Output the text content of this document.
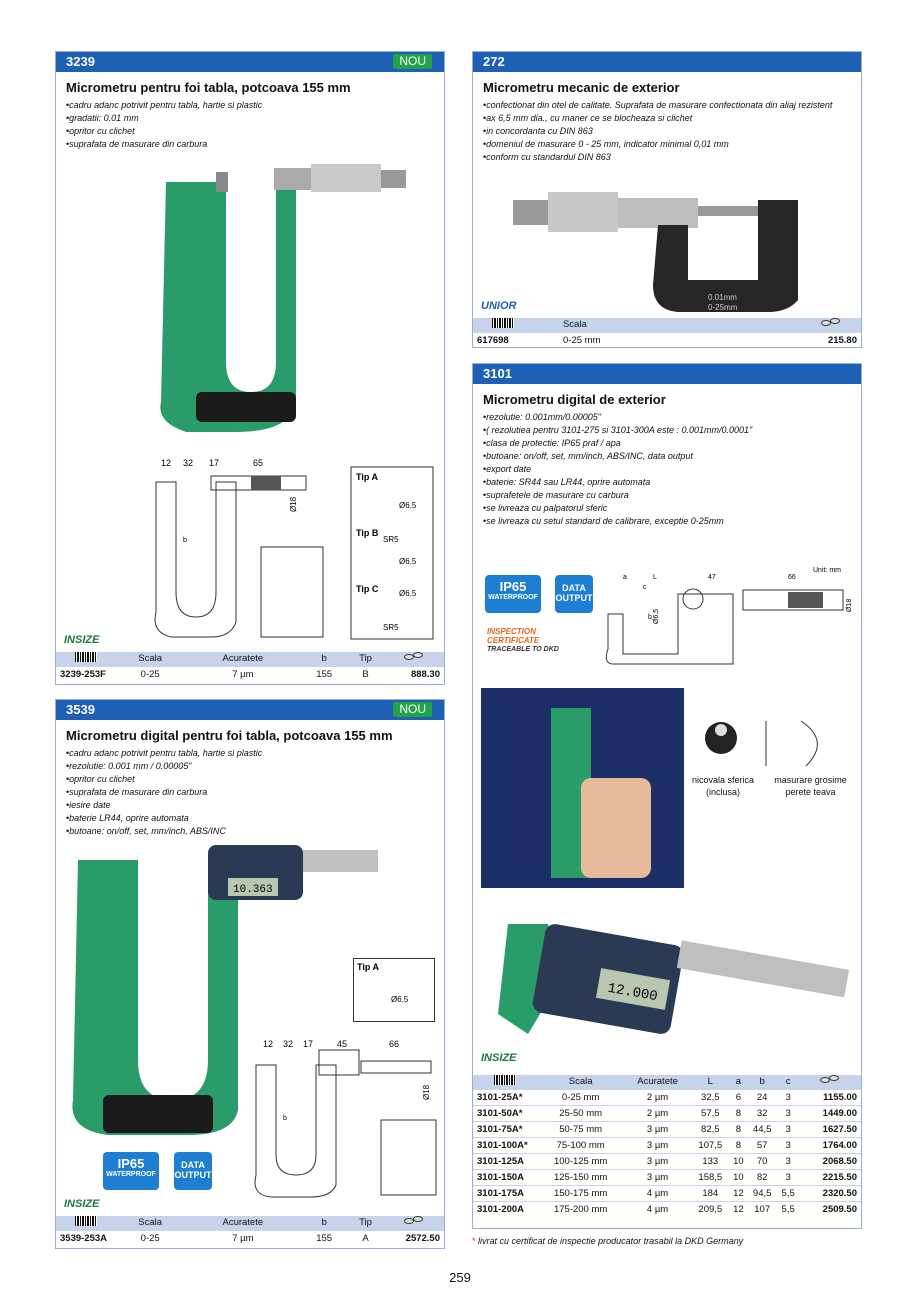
3239	NOU
Micrometru pentru foi tabla, potcoava 155 mm
• cadru adanc potrivit pentru tabla, hartie si plastic
• gradatii: 0.01 mm
• opritor cu clichet
• suprafata de masurare din carbura
12 32 17	65
Ø18
b
Tip A
Tip B
Tip C
Ø6.5
Ø6.5
Ø6.5
SR5
SR5
INSIZE
	Scala	Acuratete	b	Tip	

3239-253F	0-25	7 µm	155	B	888.30
272
Micrometru mecanic de exterior
• confectionat din otel de calitate. Suprafata de masurare confectionata din aliaj rezistent
• ax 6,5 mm dia., cu maner ce se blocheaza si clichet
• in concordanta cu DIN 863
• domeniul de masurare 0 - 25 mm, indicator minimal 0,01 mm
• conform cu standardul DIN 863
0.01mm
0-25mm
UNIOR
	Scala	

617698	0-25 mm	215.80
3101
Micrometru digital de exterior
• rezolutie: 0.001mm/0.00005"
• ( rezolutiea pentru 3101-275 si 3101-300A este : 0.001mm/0.0001"
• clasa de protectie: IP65 praf / apa
• butoane: on/off, set, mm/inch, ABS/INC, data output
• export date
• baterie: SR44 sau LR44, oprire automata
• suprafetele de masurare cu carbura
• se livreaza cu palpatorul sferic
• se livreaza cu setul standard de calibrare, exceptie 0-25mm
IP65
WATERPROOF
DATA
OUTPUT
INSPECTION
CERTIFICATE
TRACEABLE TO DKD
Unit: mm
a	L	47	66
c
b Ø6.5
Ø18
nicovala sferica
(inclusa)
masurare grosime
perete teava
12.000
INSIZE
	Scala	Acuratete	L	a	b	c	

3101-25A*	0-25 mm	2 µm	32,5	6	24	3	1155.00
3101-50A*	25-50 mm	2 µm	57,5	8	32	3	1449.00
3101-75A*	50-75 mm	3 µm	82,5	8	44,5	3	1627.50
3101-100A*	75-100 mm	3 µm	107,5	8	57	3	1764.00
3101-125A	100-125 mm	3 µm	133	10	70	3	2068.50
3101-150A	125-150 mm	3 µm	158,5	10	82	3	2215.50
3101-175A	150-175 mm	4 µm	184	12	94,5	5,5	2320.50
3101-200A	175-200 mm	4 µm	209,5	12	107	5,5	2509.50
* livrat cu certificat de inspectie producator trasabil la DKD Germany
3539	NOU
Micrometru digital pentru foi tabla, potcoava 155 mm
• cadru adanc potrivit pentru tabla, hartie si plastic
• rezolutie: 0.001 mm / 0.00005"
• opritor cu clichet
• suprafata de masurare din carbura
• iesire date
• baterie LR44, oprire automata
• butoane: on/off, set, mm/inch, ABS/INC
10.363
Tip A
Ø6.5
12 32 17	45	66
b
Ø18
IP65
WATERPROOF
DATA
OUTPUT
INSIZE
	Scala	Acuratete	b	Tip	

3539-253A	0-25	7 µm	155	A	2572.50
259
